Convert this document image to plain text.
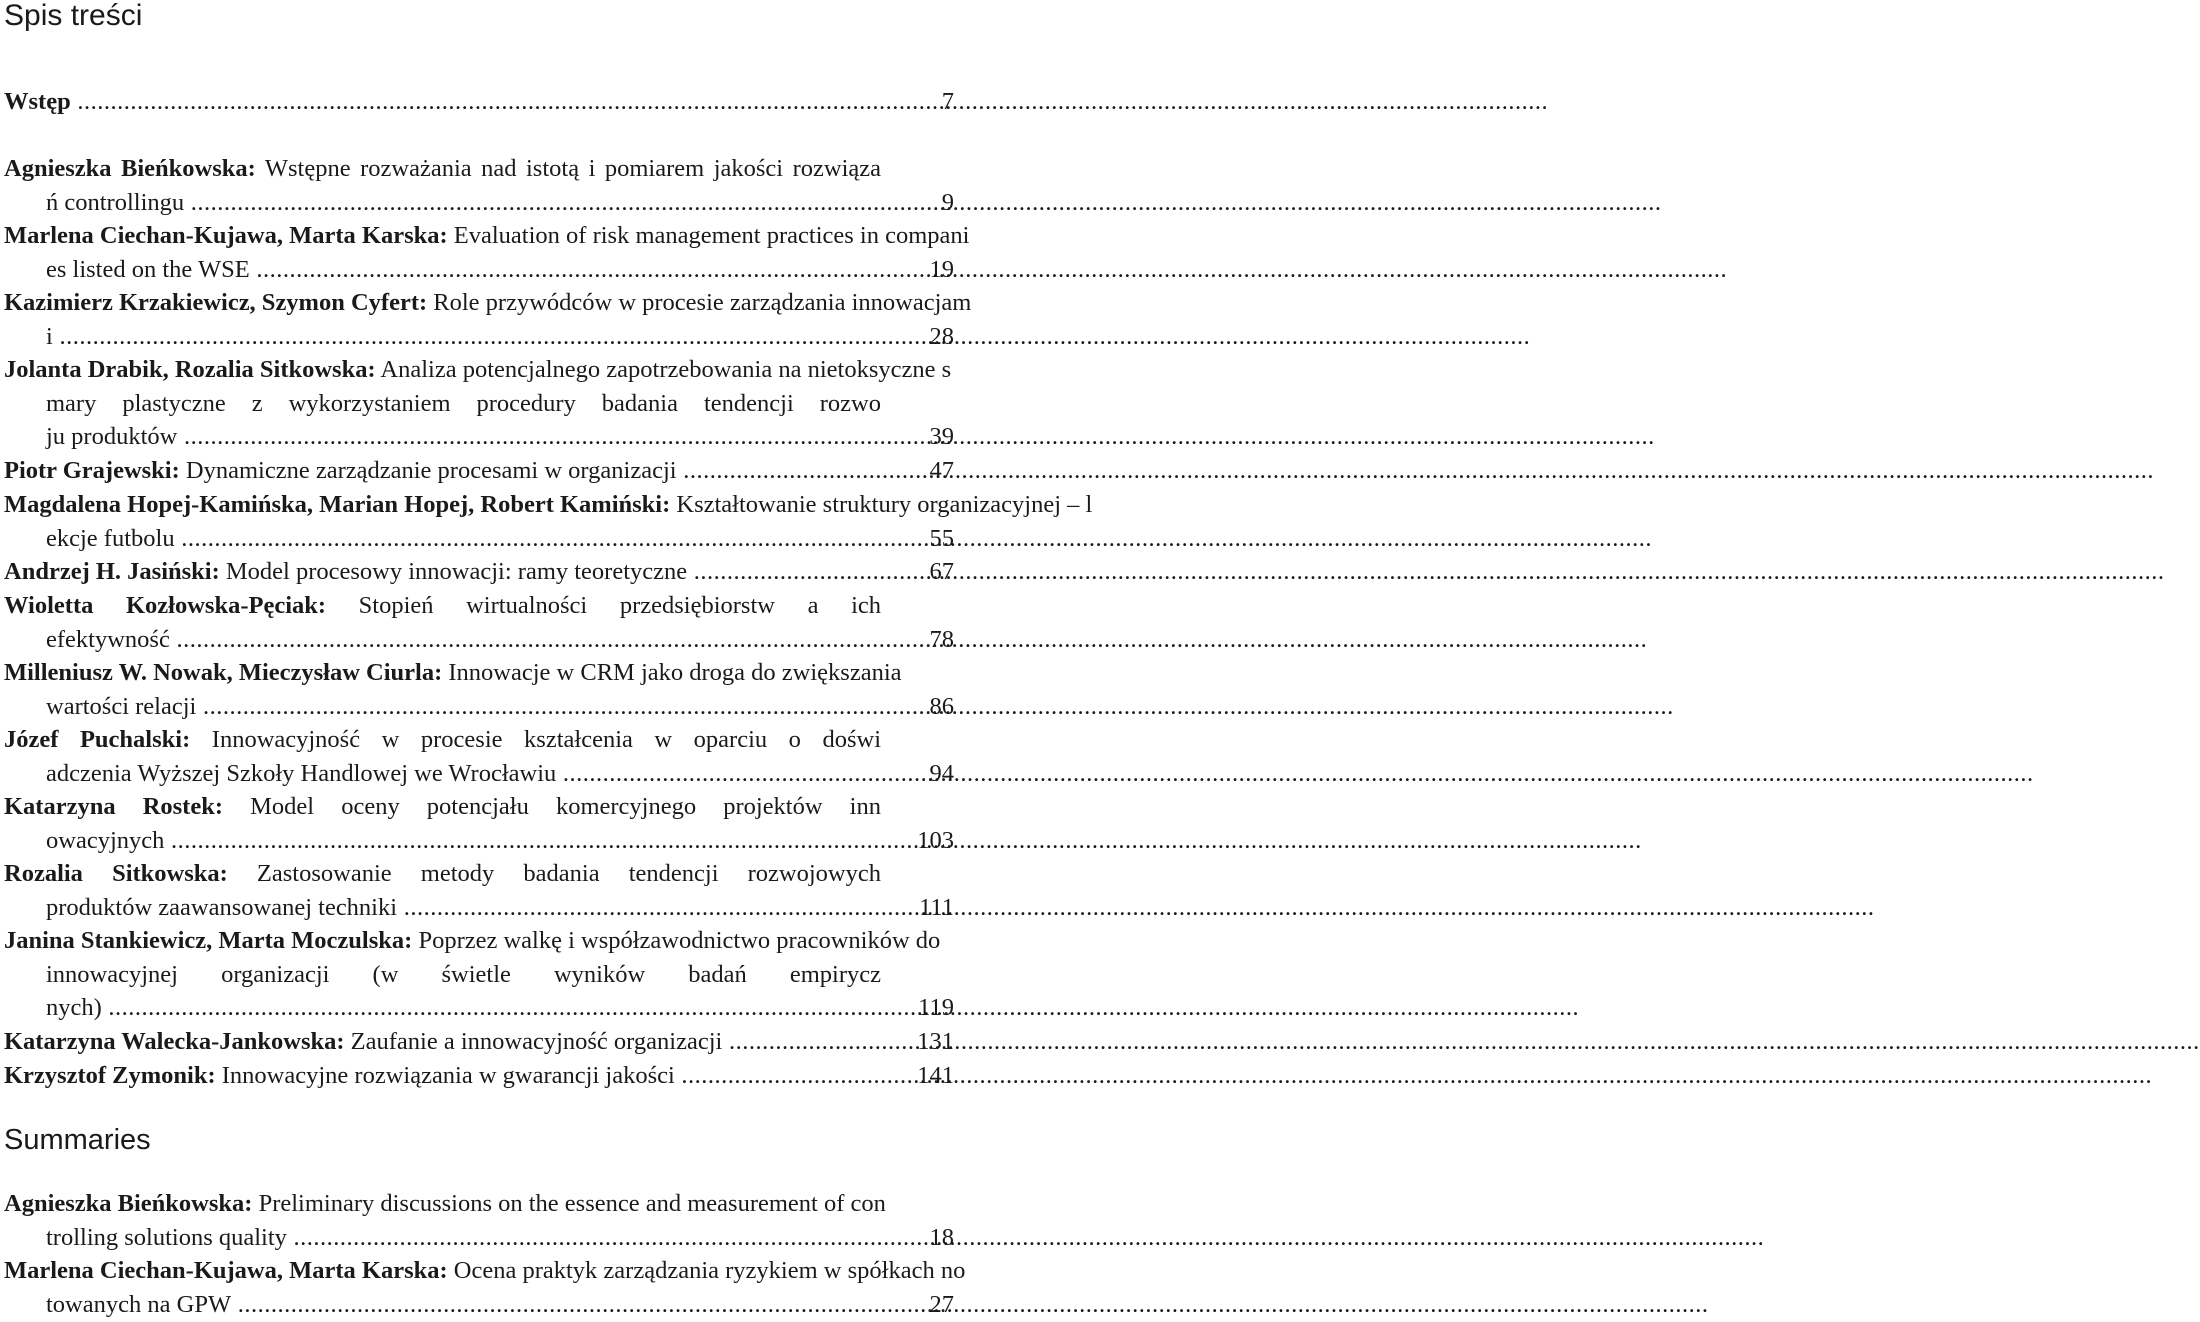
Spis treści
Wstęp .....	7
Agnieszka Bieńkowska: Wstępne rozważania nad istotą i pomiarem jakości rozwiąza
ń controllingu .....	9
Marlena Ciechan-Kujawa, Marta Karska: Evaluation of risk management practices in compani
es listed on the WSE .....	19
Kazimierz Krzakiewicz, Szymon Cyfert: Role przywódców w procesie zarządzania innowacjam
i .....	28
Jolanta Drabik, Rozalia Sitkowska: Analiza potencjalnego zapotrzebowania na nietoksyczne s
mary plastyczne z wykorzystaniem procedury badania tendencji rozwo
ju produktów .....	39
Piotr Grajewski: Dynamiczne zarządzanie procesami w organizacji .....	47
Magdalena Hopej-Kamińska, Marian Hopej, Robert Kamiński: Kształtowanie struktury organizacyjnej – l
ekcje futbolu .....	55
Andrzej H. Jasiński: Model procesowy innowacji: ramy teoretyczne .....	67
Wioletta Kozłowska-Pęciak: Stopień wirtualności przedsiębiorstw a ich
efektywność .....	78
Milleniusz W. Nowak, Mieczysław Ciurla: Innowacje w CRM jako droga do zwiększania
wartości relacji .....	86
Józef Puchalski: Innowacyjność w procesie kształcenia w oparciu o doświ
adczenia Wyższej Szkoły Handlowej we Wrocławiu .....	94
Katarzyna Rostek: Model oceny potencjału komercyjnego projektów inn
owacyjnych .....	103
Rozalia Sitkowska: Zastosowanie metody badania tendencji rozwojowych
produktów zaawansowanej techniki .....	111
Janina Stankiewicz, Marta Moczulska: Poprzez walkę i współzawodnictwo pracowników do
innowacyjnej organizacji (w świetle wyników badań empirycz
nych) .....	119
Katarzyna Walecka-Jankowska: Zaufanie a innowacyjność organizacji .....	131
Krzysztof Zymonik: Innowacyjne rozwiązania w gwarancji jakości .....	141
Summaries
Agnieszka Bieńkowska: Preliminary discussions on the essence and measurement of con
trolling solutions quality .....	18
Marlena Ciechan-Kujawa, Marta Karska: Ocena praktyk zarządzania ryzykiem w spółkach no
towanych na GPW .....	27
